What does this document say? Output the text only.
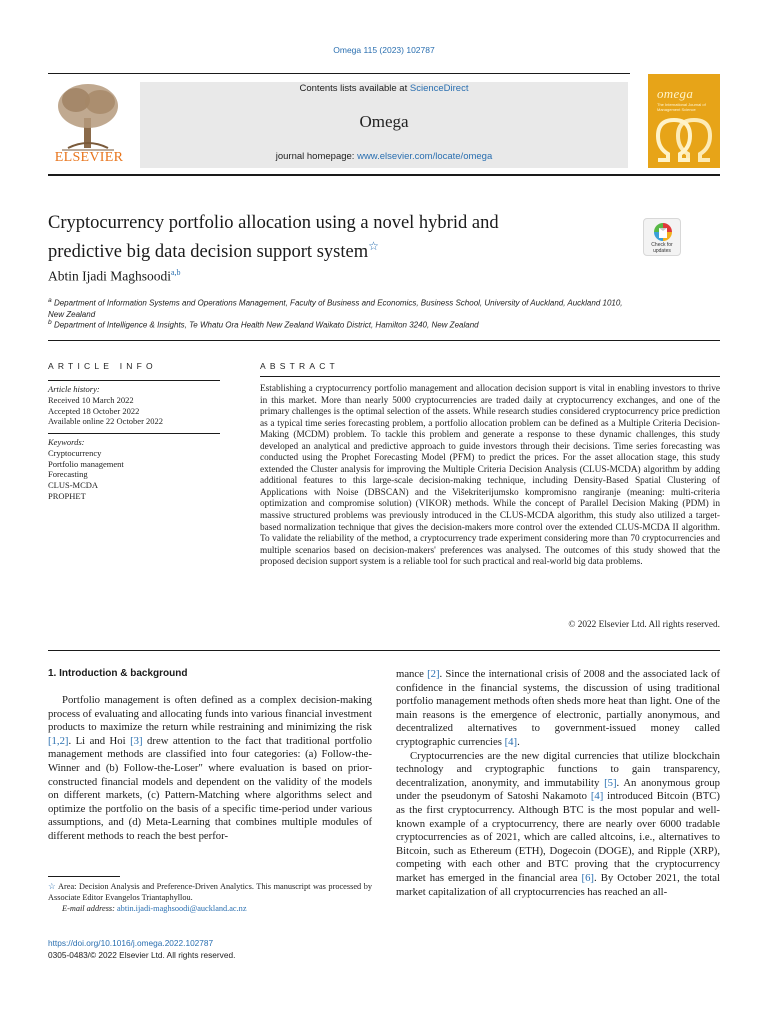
Omega 115 (2023) 102787
ELSEVIER
Contents lists available at ScienceDirect
Omega
journal homepage: www.elsevier.com/locate/omega
omega
The International Journal of Management Science
Cryptocurrency portfolio allocation using a novel hybrid and
predictive big data decision support system☆	Check for updates
Abtin Ijadi Maghsoodi$^{a,b}$
$^a$ Department of Information Systems and Operations Management, Faculty of Business and Economics, Business School, University of Auckland, Auckland 1010, New Zealand
$^b$ Department of Intelligence & Insights, Te Whatu Ora Health New Zealand Waikato District, Hamilton 3240, New Zealand
ARTICLE INFO
Article history:
Received 10 March 2022
Accepted 18 October 2022
Available online 22 October 2022
Keywords:
Cryptocurrency
Portfolio management
Forecasting
CLUS-MCDA
PROPHET
ABSTRACT
Establishing a cryptocurrency portfolio management and allocation decision support is vital in enabling investors to thrive in this market. More than nearly 5000 cryptocurrencies are traded daily at cryptocurrency exchanges, and one of the primary challenges is the optimal selection of the assets. While research studies considered cryptocurrency price prediction as a typical time series forecasting problem, a portfolio allocation problem can be defined as a Multiple Criteria Decision-Making (MCDM) problem. To tackle this problem and generate a response to these dynamic challenges, this study developed an analytical and predictive approach to guide investors through their decisions. Time series forecasting was conducted using the Prophet Forecasting Model (PFM) to predict the prices. For the asset allocation stage, this study extended the Cluster analysis for improving the Multiple Criteria Decision Analysis (CLUS-MCDA) algorithm by adding additional features to this large-scale decision-making technique, including Density-Based Spatial Clustering of Applications with Noise (DBSCAN) and the Višekriterijumsko kompromisno rangiranje (meaning: multi-criteria optimization and compromise solution) (VIKOR) methods. While the concept of Parallel Decision Making (PDM) in massive structured problems was previously introduced in the CLUS-MCDA algorithm, this study also utilized a target-based normalization technique that gives the decision-makers more control over the extended CLUS-MCDA II algorithm. To validate the reliability of the method, a cryptocurrency trade experiment considering more than 70 cryptocurrencies and multiple scenarios based on decision-makers' preferences was analysed. The outcomes of this study showed that the proposed decision support system is a reliable tool for such practical and real-world big data problems.
© 2022 Elsevier Ltd. All rights reserved.
1. Introduction & background

Portfolio management is often defined as a complex decision-making process of evaluating and allocating funds into various financial investment products to maximize the return while restraining and minimizing the risk [1,2]. Li and Hoi [3] drew attention to the fact that traditional portfolio management methods are classified into four categories: (a) Follow-the-Winner and (b) Follow-the-Loser" where evaluation is based on prior-constructed financial models and dependent on the validity of the models on different markets, (c) Pattern-Matching where algorithms select and optimize the portfolio on the basis of a specific time-period under various assumptions, and (d) Meta-Learning that combines multiple modules of different methods to reach the best perfor-

mance [2]. Since the international crisis of 2008 and the associated lack of confidence in the financial systems, the discussion of using traditional portfolio management methods often sheds more heat than light. One of the main reasons is the emergence of electronic, partially anonymous, and decentralized alternatives to government-issued money called cryptographic currencies [4].

Cryptocurrencies are the new digital currencies that utilize blockchain technology and cryptographic functions to gain transparency, decentralization, anonymity, and immutability [5]. An anonymous group under the pseudonym of Satoshi Nakamoto [4] introduced Bitcoin (BTC) as the first cryptocurrency. Although BTC is the most popular and well-known example of a cryptocurrency, there are nearly over 6000 tradable cryptocurrencies as of 2021, which are called altcoins, i.e., alternatives to Bitcoin, such as Ethereum (ETH), Dogecoin (DOGE), and Ripple (XRP), competing with each other and BTC proving that the cryptocurrency market has emerged in the financial area [6]. By October 2021, the total market capitalization of all cryptocurrencies has reached an all-

☆ Area: Decision Analysis and Preference-Driven Analytics. This manuscript was processed by Associate Editor Evangelos Triantaphyllou.
E-mail address: abtin.ijadi-maghsoodi@auckland.ac.nz
https://doi.org/10.1016/j.omega.2022.102787
0305-0483/© 2022 Elsevier Ltd. All rights reserved.
